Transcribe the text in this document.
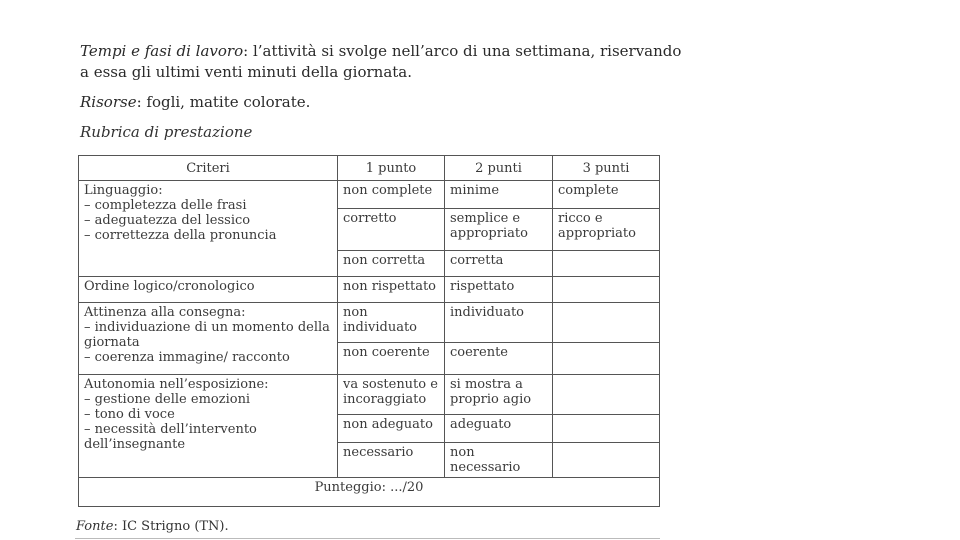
Tempi e fasi di lavoro: l’attività si svolge nell’arco di una settimana, riservando
a essa gli ultimi venti minuti della giornata.
Risorse: fogli, matite colorate.
Rubrica di prestazione
Criteri	1 punto	2 punti	3 punti

Linguaggio:
– completezza delle frasi
– adeguatezza del lessico
– correttezza della pronuncia	non complete	minime	complete
	corretto	semplice e appropriato	ricco e appropriato
	non corretta	corretta	
Ordine logico/cronologico	non rispettato	rispettato	

Attinenza alla consegna:
– individuazione di un momento della giornata
– coerenza immagine/ racconto	non individuato	individuato	
	non coerente	coerente	

Autonomia nell’esposizione:
– gestione delle emozioni
– tono di voce
– necessità dell’intervento dell’insegnante	va sostenuto e incoraggiato	si mostra a proprio agio	
	non adeguato	adeguato	
	necessario	non necessario	
Punteggio: .../20			
Fonte: IC Strigno (TN).
